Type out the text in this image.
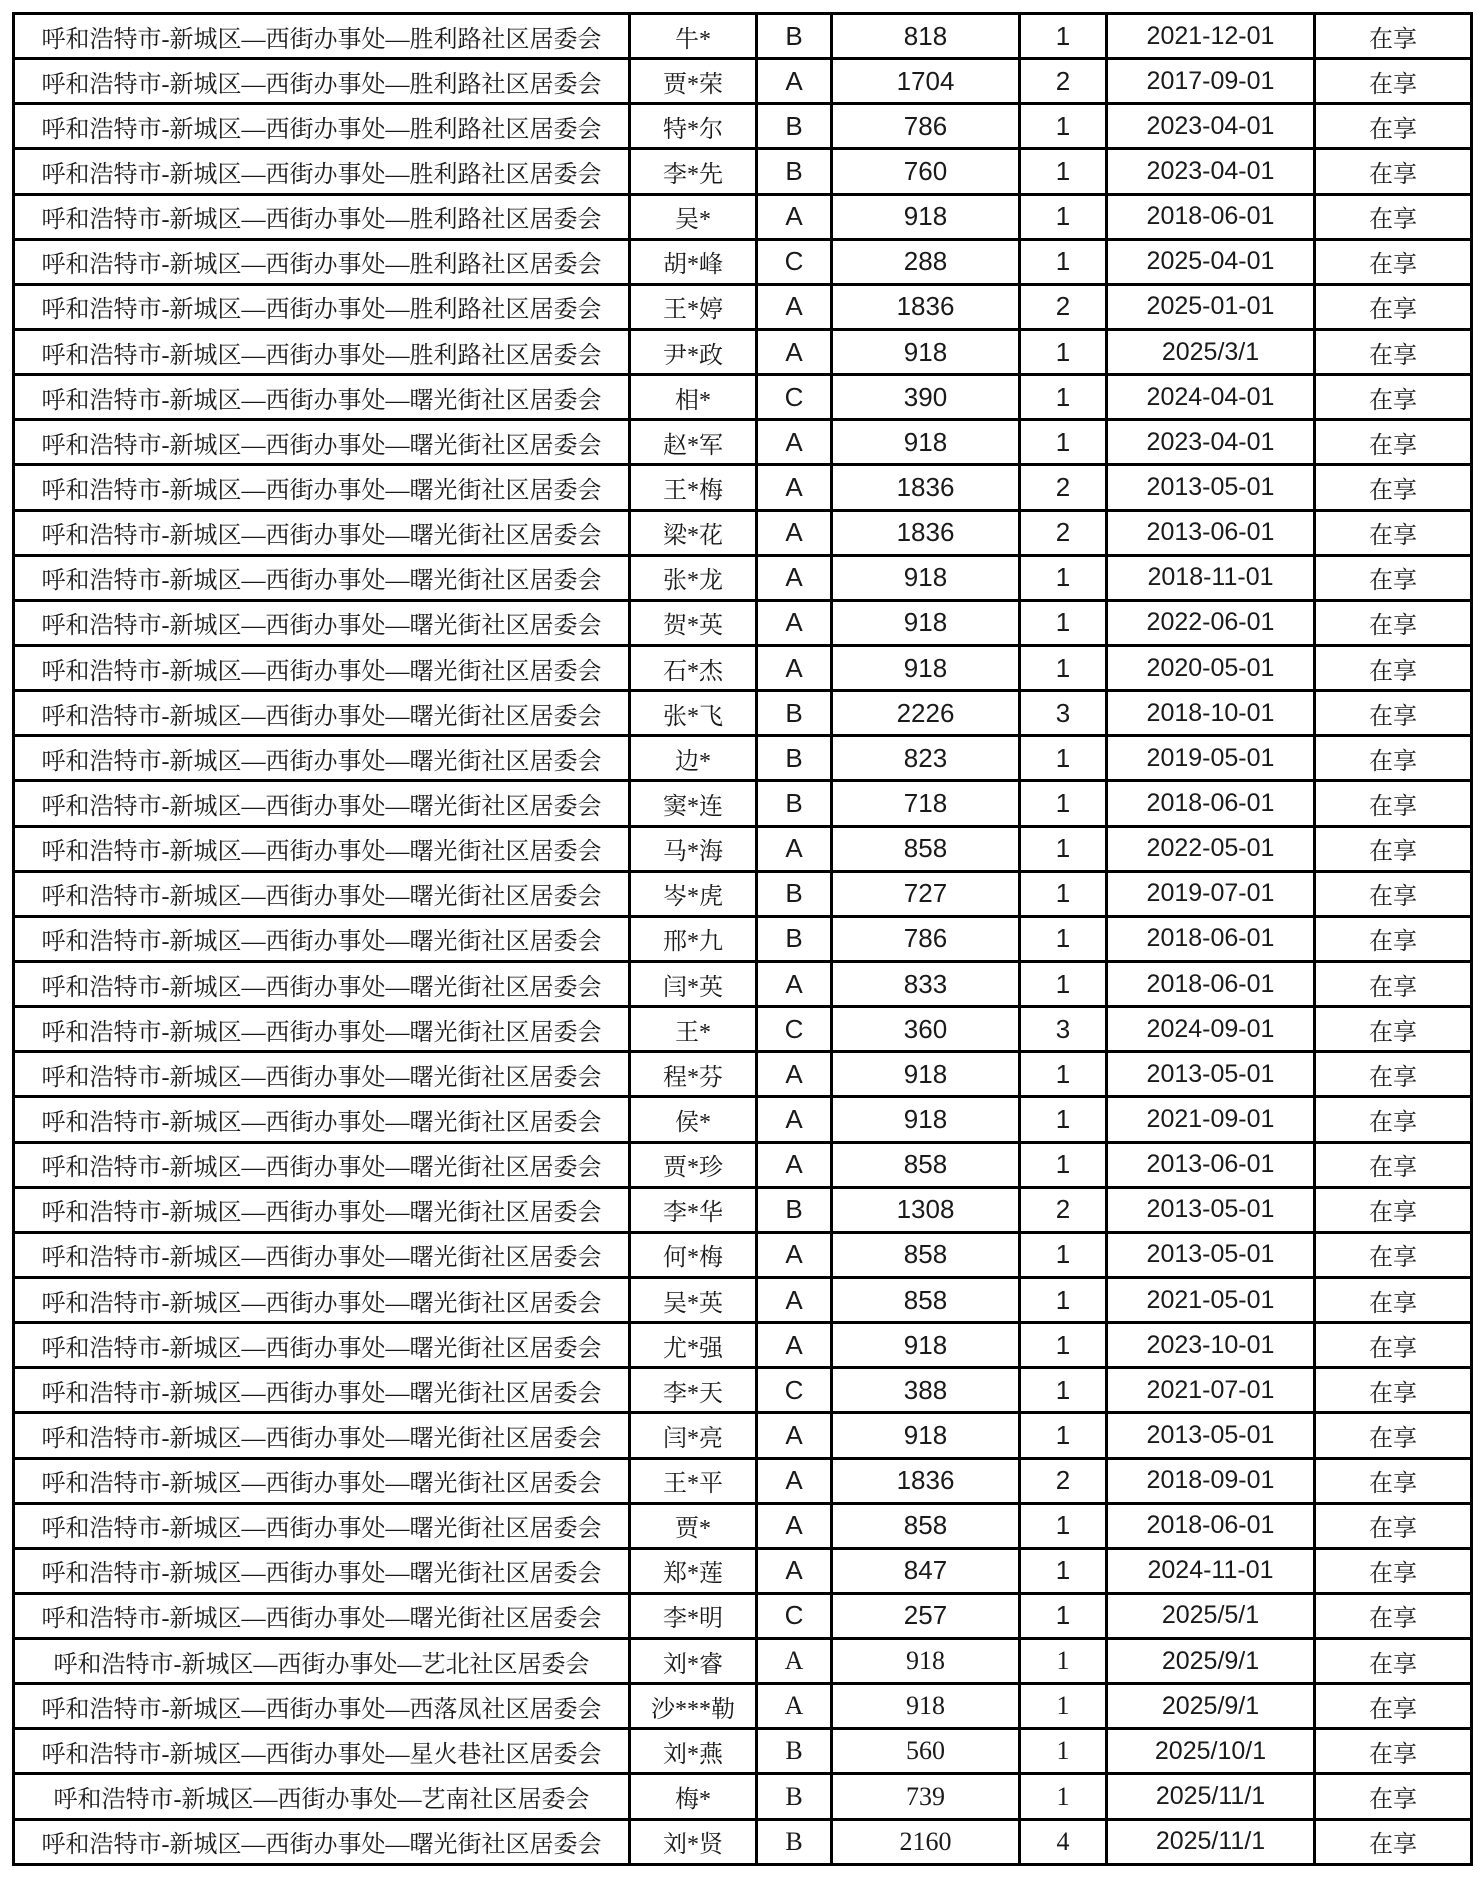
呼和浩特市-新城区—西街办事处—胜利路社区居委会	牛*	B	818	1	2021-12-01	在享
呼和浩特市-新城区—西街办事处—胜利路社区居委会	贾*荣	A	1704	2	2017-09-01	在享
呼和浩特市-新城区—西街办事处—胜利路社区居委会	特*尔	B	786	1	2023-04-01	在享
呼和浩特市-新城区—西街办事处—胜利路社区居委会	李*先	B	760	1	2023-04-01	在享
呼和浩特市-新城区—西街办事处—胜利路社区居委会	吴*	A	918	1	2018-06-01	在享
呼和浩特市-新城区—西街办事处—胜利路社区居委会	胡*峰	C	288	1	2025-04-01	在享
呼和浩特市-新城区—西街办事处—胜利路社区居委会	王*婷	A	1836	2	2025-01-01	在享
呼和浩特市-新城区—西街办事处—胜利路社区居委会	尹*政	A	918	1	2025/3/1	在享
呼和浩特市-新城区—西街办事处—曙光街社区居委会	相*	C	390	1	2024-04-01	在享
呼和浩特市-新城区—西街办事处—曙光街社区居委会	赵*军	A	918	1	2023-04-01	在享
呼和浩特市-新城区—西街办事处—曙光街社区居委会	王*梅	A	1836	2	2013-05-01	在享
呼和浩特市-新城区—西街办事处—曙光街社区居委会	梁*花	A	1836	2	2013-06-01	在享
呼和浩特市-新城区—西街办事处—曙光街社区居委会	张*龙	A	918	1	2018-11-01	在享
呼和浩特市-新城区—西街办事处—曙光街社区居委会	贺*英	A	918	1	2022-06-01	在享
呼和浩特市-新城区—西街办事处—曙光街社区居委会	石*杰	A	918	1	2020-05-01	在享
呼和浩特市-新城区—西街办事处—曙光街社区居委会	张*飞	B	2226	3	2018-10-01	在享
呼和浩特市-新城区—西街办事处—曙光街社区居委会	边*	B	823	1	2019-05-01	在享
呼和浩特市-新城区—西街办事处—曙光街社区居委会	窦*连	B	718	1	2018-06-01	在享
呼和浩特市-新城区—西街办事处—曙光街社区居委会	马*海	A	858	1	2022-05-01	在享
呼和浩特市-新城区—西街办事处—曙光街社区居委会	岑*虎	B	727	1	2019-07-01	在享
呼和浩特市-新城区—西街办事处—曙光街社区居委会	邢*九	B	786	1	2018-06-01	在享
呼和浩特市-新城区—西街办事处—曙光街社区居委会	闫*英	A	833	1	2018-06-01	在享
呼和浩特市-新城区—西街办事处—曙光街社区居委会	王*	C	360	3	2024-09-01	在享
呼和浩特市-新城区—西街办事处—曙光街社区居委会	程*芬	A	918	1	2013-05-01	在享
呼和浩特市-新城区—西街办事处—曙光街社区居委会	侯*	A	918	1	2021-09-01	在享
呼和浩特市-新城区—西街办事处—曙光街社区居委会	贾*珍	A	858	1	2013-06-01	在享
呼和浩特市-新城区—西街办事处—曙光街社区居委会	李*华	B	1308	2	2013-05-01	在享
呼和浩特市-新城区—西街办事处—曙光街社区居委会	何*梅	A	858	1	2013-05-01	在享
呼和浩特市-新城区—西街办事处—曙光街社区居委会	吴*英	A	858	1	2021-05-01	在享
呼和浩特市-新城区—西街办事处—曙光街社区居委会	尤*强	A	918	1	2023-10-01	在享
呼和浩特市-新城区—西街办事处—曙光街社区居委会	李*天	C	388	1	2021-07-01	在享
呼和浩特市-新城区—西街办事处—曙光街社区居委会	闫*亮	A	918	1	2013-05-01	在享
呼和浩特市-新城区—西街办事处—曙光街社区居委会	王*平	A	1836	2	2018-09-01	在享
呼和浩特市-新城区—西街办事处—曙光街社区居委会	贾*	A	858	1	2018-06-01	在享
呼和浩特市-新城区—西街办事处—曙光街社区居委会	郑*莲	A	847	1	2024-11-01	在享
呼和浩特市-新城区—西街办事处—曙光街社区居委会	李*明	C	257	1	2025/5/1	在享
呼和浩特市-新城区—西街办事处—艺北社区居委会	刘*睿	A	918	1	2025/9/1	在享
呼和浩特市-新城区—西街办事处—西落凤社区居委会	沙***勒	A	918	1	2025/9/1	在享
呼和浩特市-新城区—西街办事处—星火巷社区居委会	刘*燕	B	560	1	2025/10/1	在享
呼和浩特市-新城区—西街办事处—艺南社区居委会	梅*	B	739	1	2025/11/1	在享
呼和浩特市-新城区—西街办事处—曙光街社区居委会	刘*贤	B	2160	4	2025/11/1	在享
